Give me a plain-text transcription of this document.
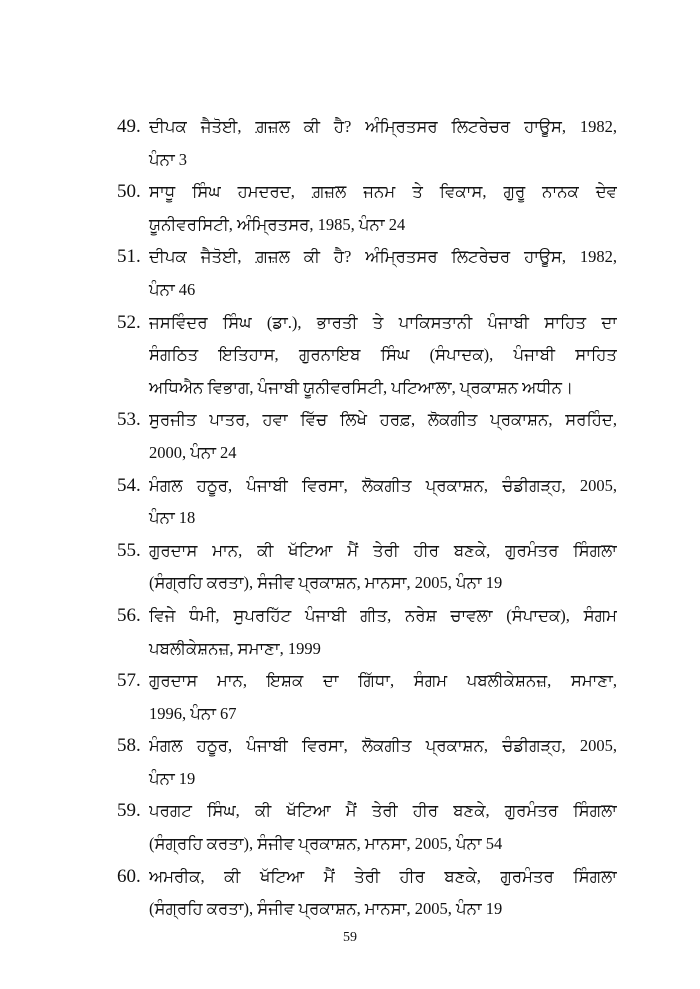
49. ਦੀਪਕ ਜੈਤੋਈ, ਗ਼ਜ਼ਲ ਕੀ ਹੈ? ਅੰਮ੍ਰਿਤਸਰ ਲਿਟਰੇਚਰ ਹਾਊਸ, 1982,
ਪੰਨਾ 3
50. ਸਾਧੂ ਸਿੰਘ ਹਮਦਰਦ, ਗ਼ਜ਼ਲ ਜਨਮ ਤੇ ਵਿਕਾਸ, ਗੁਰੂ ਨਾਨਕ ਦੇਵ
ਯੂਨੀਵਰਸਿਟੀ, ਅੰਮ੍ਰਿਤਸਰ, 1985, ਪੰਨਾ 24
51. ਦੀਪਕ ਜੈਤੋਈ, ਗ਼ਜ਼ਲ ਕੀ ਹੈ? ਅੰਮ੍ਰਿਤਸਰ ਲਿਟਰੇਚਰ ਹਾਊਸ, 1982,
ਪੰਨਾ 46
52. ਜਸਵਿੰਦਰ ਸਿੰਘ (ਡਾ.), ਭਾਰਤੀ ਤੇ ਪਾਕਿਸਤਾਨੀ ਪੰਜਾਬੀ ਸਾਹਿਤ ਦਾ
ਸੰਗਠਿਤ ਇਤਿਹਾਸ, ਗੁਰਨਾਇਬ ਸਿੰਘ (ਸੰਪਾਦਕ), ਪੰਜਾਬੀ ਸਾਹਿਤ
ਅਧਿਐਨ ਵਿਭਾਗ, ਪੰਜਾਬੀ ਯੂਨੀਵਰਸਿਟੀ, ਪਟਿਆਲਾ, ਪ੍ਰਕਾਸ਼ਨ ਅਧੀਨ।
53. ਸੁਰਜੀਤ ਪਾਤਰ, ਹਵਾ ਵਿੱਚ ਲਿਖੇ ਹਰਫ਼, ਲੋਕਗੀਤ ਪ੍ਰਕਾਸ਼ਨ, ਸਰਹਿੰਦ,
2000, ਪੰਨਾ 24
54. ਮੰਗਲ ਹਠੂਰ, ਪੰਜਾਬੀ ਵਿਰਸਾ, ਲੋਕਗੀਤ ਪ੍ਰਕਾਸ਼ਨ, ਚੰਡੀਗੜ੍ਹ, 2005,
ਪੰਨਾ 18
55. ਗੁਰਦਾਸ ਮਾਨ, ਕੀ ਖੱਟਿਆ ਮੈਂ ਤੇਰੀ ਹੀਰ ਬਣਕੇ, ਗੁਰਮੰਤਰ ਸਿੰਗਲਾ
(ਸੰਗ੍ਰਹਿ ਕਰਤਾ), ਸੰਜੀਵ ਪ੍ਰਕਾਸ਼ਨ, ਮਾਨਸਾ, 2005, ਪੰਨਾ 19
56. ਵਿਜੇ ਧੰਮੀ, ਸੁਪਰਹਿੱਟ ਪੰਜਾਬੀ ਗੀਤ, ਨਰੇਸ਼ ਚਾਵਲਾ (ਸੰਪਾਦਕ), ਸੰਗਮ
ਪਬਲੀਕੇਸ਼ਨਜ਼, ਸਮਾਣਾ, 1999
57. ਗੁਰਦਾਸ ਮਾਨ, ਇਸ਼ਕ ਦਾ ਗਿੱਧਾ, ਸੰਗਮ ਪਬਲੀਕੇਸ਼ਨਜ਼, ਸਮਾਣਾ,
1996, ਪੰਨਾ 67
58. ਮੰਗਲ ਹਠੂਰ, ਪੰਜਾਬੀ ਵਿਰਸਾ, ਲੋਕਗੀਤ ਪ੍ਰਕਾਸ਼ਨ, ਚੰਡੀਗੜ੍ਹ, 2005,
ਪੰਨਾ 19
59. ਪਰਗਟ ਸਿੰਘ, ਕੀ ਖੱਟਿਆ ਮੈਂ ਤੇਰੀ ਹੀਰ ਬਣਕੇ, ਗੁਰਮੰਤਰ ਸਿੰਗਲਾ
(ਸੰਗ੍ਰਹਿ ਕਰਤਾ), ਸੰਜੀਵ ਪ੍ਰਕਾਸ਼ਨ, ਮਾਨਸਾ, 2005, ਪੰਨਾ 54
60. ਅਮਰੀਕ, ਕੀ ਖੱਟਿਆ ਮੈਂ ਤੇਰੀ ਹੀਰ ਬਣਕੇ, ਗੁਰਮੰਤਰ ਸਿੰਗਲਾ
(ਸੰਗ੍ਰਹਿ ਕਰਤਾ), ਸੰਜੀਵ ਪ੍ਰਕਾਸ਼ਨ, ਮਾਨਸਾ, 2005, ਪੰਨਾ 19
59
